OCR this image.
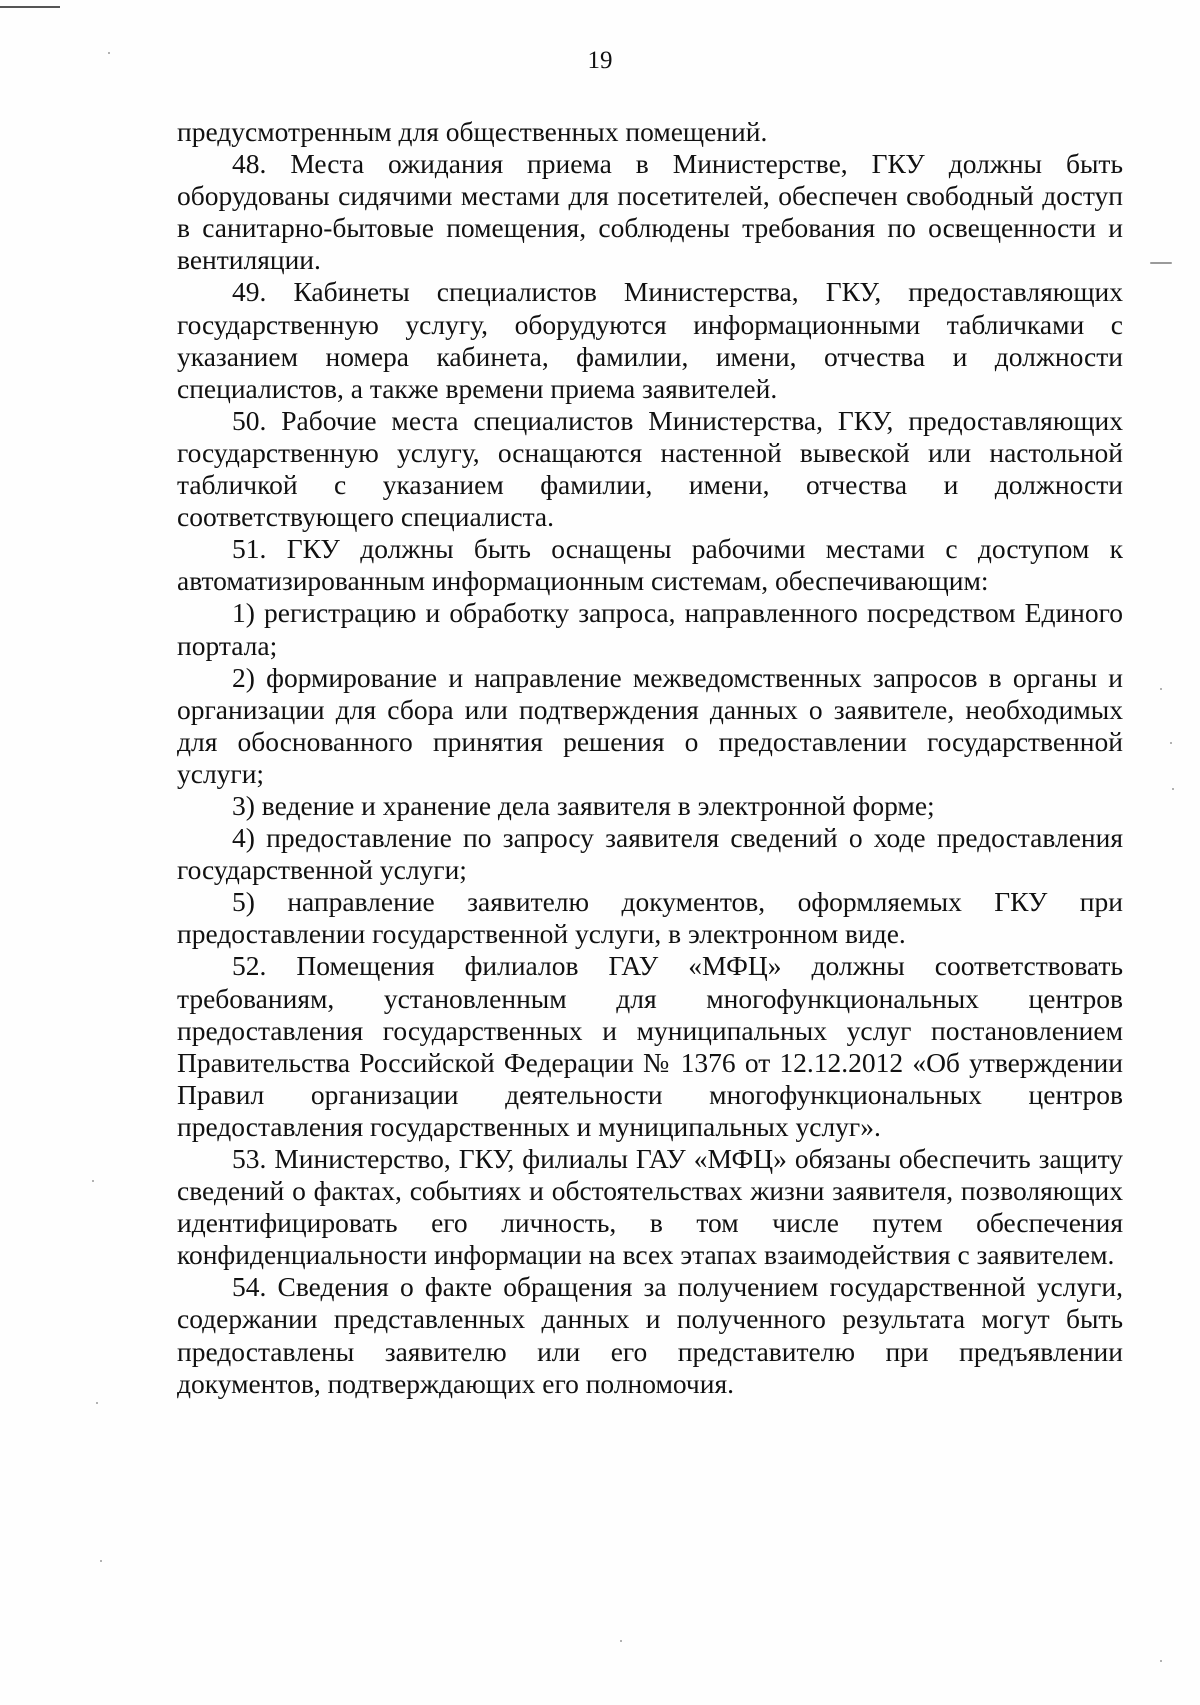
19

предусмотренным для общественных помещений.

48. Места ожидания приема в Министерстве, ГКУ должны быть оборудованы сидячими местами для посетителей, обеспечен свободный доступ в санитарно-бытовые помещения, соблюдены требования по освещенности и вентиляции.

49. Кабинеты специалистов Министерства, ГКУ, предоставляющих государственную услугу, оборудуются информационными табличками с указанием номера кабинета, фамилии, имени, отчества и должности специалистов, а также времени приема заявителей.

50. Рабочие места специалистов Министерства, ГКУ, предоставляющих государственную услугу, оснащаются настенной вывеской или настольной табличкой с указанием фамилии, имени, отчества и должности соответствующего специалиста.

51. ГКУ должны быть оснащены рабочими местами с доступом к автоматизированным информационным системам, обеспечивающим:

1) регистрацию и обработку запроса, направленного посредством Единого портала;

2) формирование и направление межведомственных запросов в органы и организации для сбора или подтверждения данных о заявителе, необходимых для обоснованного принятия решения о предоставлении государственной услуги;

3) ведение и хранение дела заявителя в электронной форме;

4) предоставление по запросу заявителя сведений о ходе предоставления государственной услуги;

5) направление заявителю документов, оформляемых ГКУ при предоставлении государственной услуги, в электронном виде.

52. Помещения филиалов ГАУ «МФЦ» должны соответствовать требованиям, установленным для многофункциональных центров предоставления государственных и муниципальных услуг постановлением Правительства Российской Федерации № 1376 от 12.12.2012 «Об утверждении Правил организации деятельности многофункциональных центров предоставления государственных и муниципальных услуг».

53. Министерство, ГКУ, филиалы ГАУ «МФЦ» обязаны обеспечить защиту сведений о фактах, событиях и обстоятельствах жизни заявителя, позволяющих идентифицировать его личность, в том числе путем обеспечения конфиденциальности информации на всех этапах взаимодействия с заявителем.

54. Сведения о факте обращения за получением государственной услуги, содержании представленных данных и полученного результата могут быть предоставлены заявителю или его представителю при предъявлении документов, подтверждающих его полномочия.
